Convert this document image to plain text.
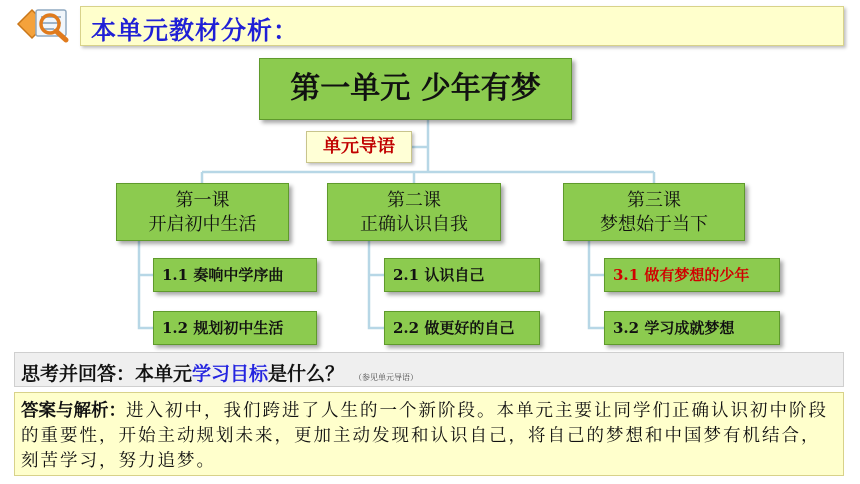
本单元教材分析：
第一单元 少年有梦
单元导语
第一课
开启初中生活
第二课
正确认识自我
第三课
梦想始于当下
1.1 奏响中学序曲
1.2 规划初中生活
2.1 认识自己
2.2 做更好的自己
3.1 做有梦想的少年
3.2 学习成就梦想
思考并回答：本单元学习目标是什么？ （参见单元导语）
答案与解析：进入初中，我们跨进了人生的一个新阶段。本单元主要让同学们正确认识初中阶段的重要性，开始主动规划未来，更加主动发现和认识自己，将自己的梦想和中国梦有机结合，刻苦学习，努力追梦。
